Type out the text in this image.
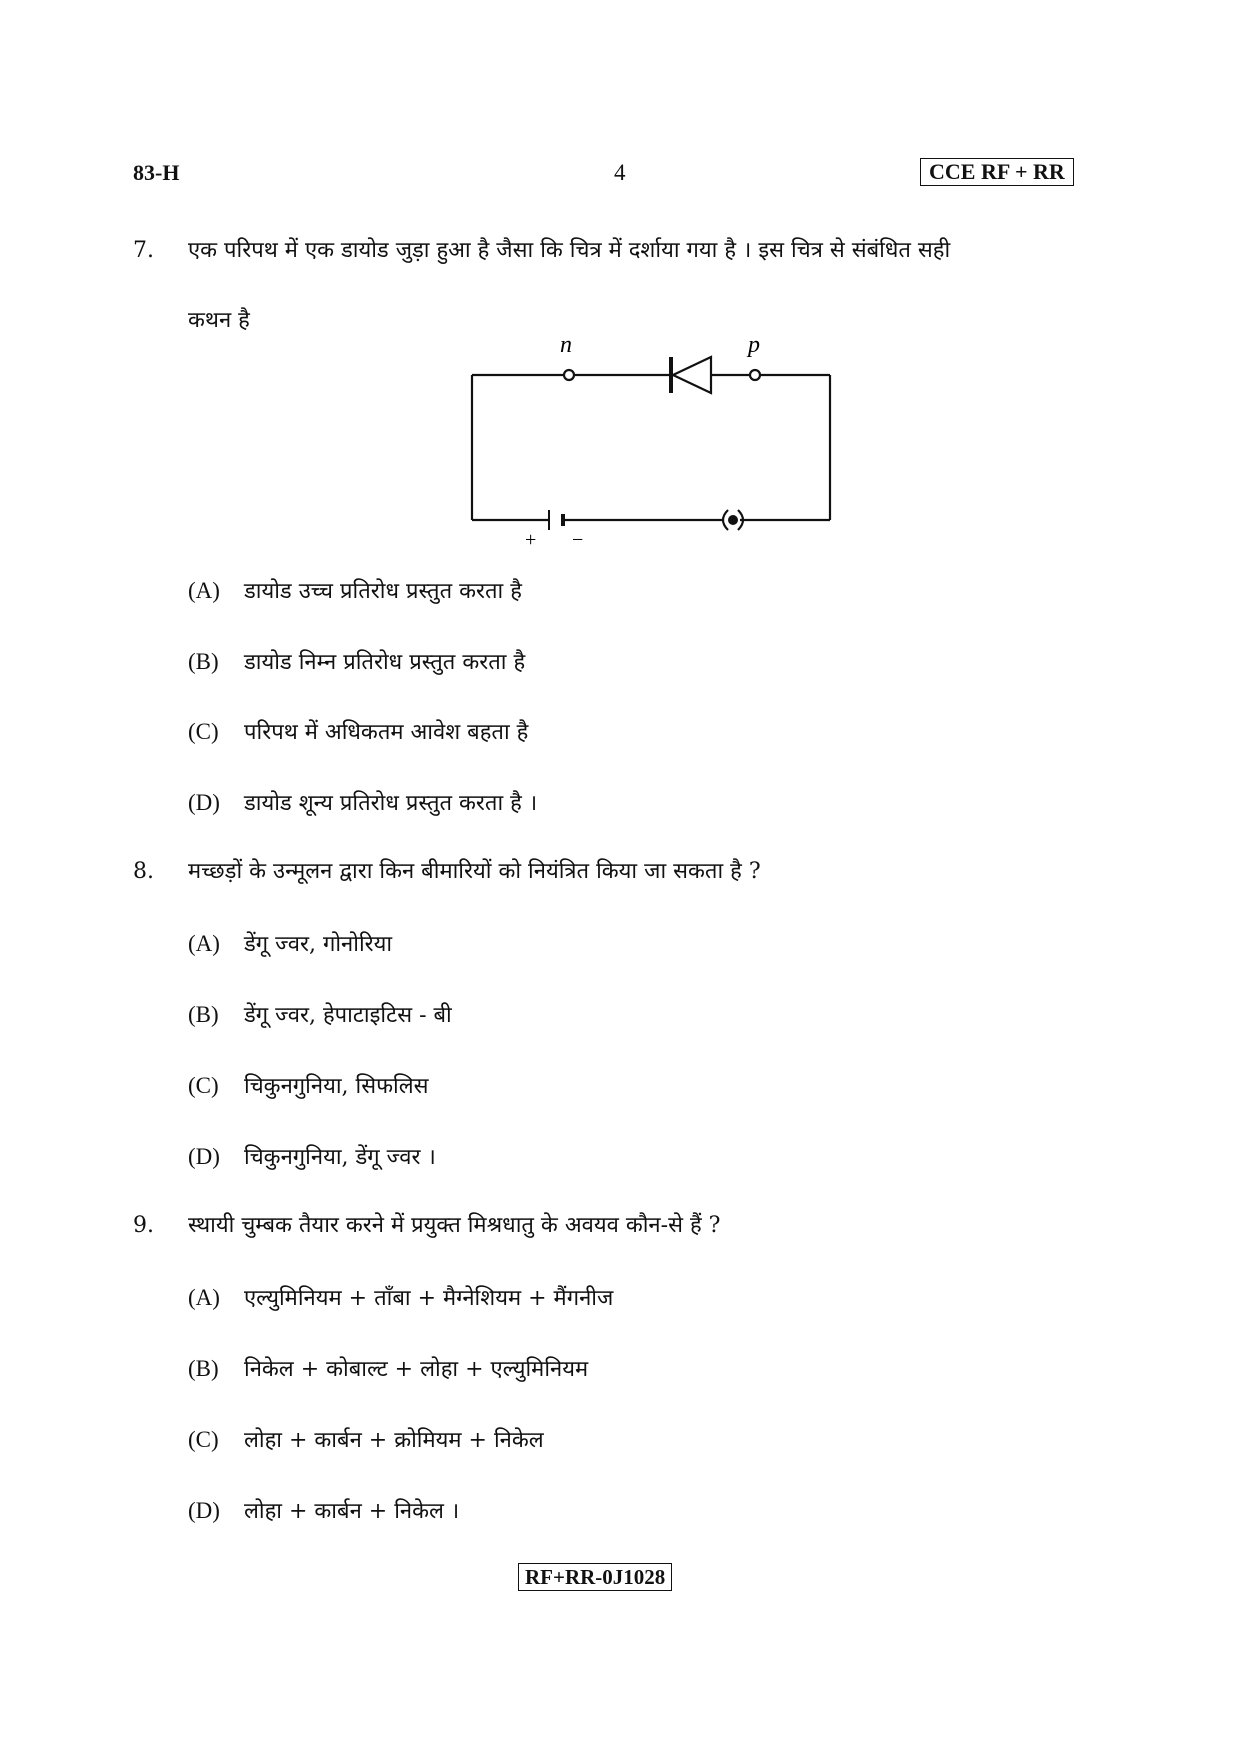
83-H	4	CCE RF + RR
7.	एक परिपथ में एक डायोड जुड़ा हुआ है जैसा कि चित्र में दर्शाया गया है । इस चित्र से संबंधित सही
कथन है
n	p
+ −
(A) डायोड उच्च प्रतिरोध प्रस्तुत करता है
(B) डायोड निम्न प्रतिरोध प्रस्तुत करता है
(C) परिपथ में अधिकतम आवेश बहता है
(D) डायोड शून्य प्रतिरोध प्रस्तुत करता है ।
8.	मच्छड़ों के उन्मूलन द्वारा किन बीमारियों को नियंत्रित किया जा सकता है ?
(A) डेंगू ज्वर, गोनोरिया
(B) डेंगू ज्वर, हेपाटाइटिस - बी
(C) चिकुनगुनिया, सिफलिस
(D) चिकुनगुनिया, डेंगू ज्वर ।
9.	स्थायी चुम्बक तैयार करने में प्रयुक्त मिश्रधातु के अवयव कौन-से हैं ?
(A) एल्युमिनियम + ताँबा + मैग्नेशियम + मैंगनीज
(B) निकेल + कोबाल्ट + लोहा + एल्युमिनियम
(C) लोहा + कार्बन + क्रोमियम + निकेल
(D) लोहा + कार्बन + निकेल ।
RF+RR-0J1028
